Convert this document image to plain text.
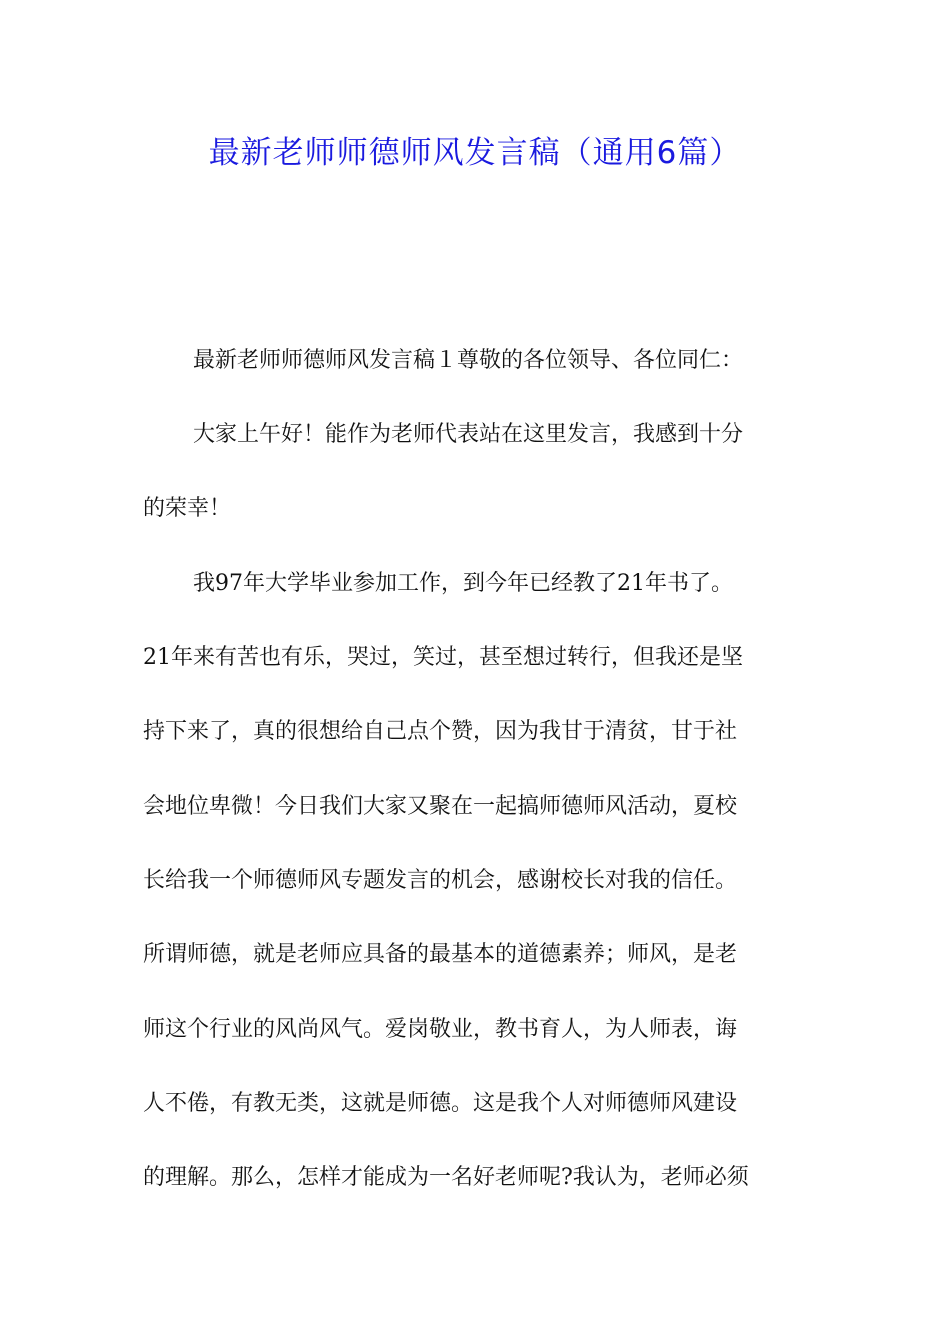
最新老师师德师风发言稿（通用6篇）
最新老师师德师风发言稿１尊敬的各位领导、各位同仁：
大家上午好！能作为老师代表站在这里发言，我感到十分
的荣幸！
我97年大学毕业参加工作，到今年已经教了21年书了。
21年来有苦也有乐，哭过，笑过，甚至想过转行，但我还是坚
持下来了，真的很想给自己点个赞，因为我甘于清贫，甘于社
会地位卑微！今日我们大家又聚在一起搞师德师风活动，夏校
长给我一个师德师风专题发言的机会，感谢校长对我的信任。
所谓师德，就是老师应具备的最基本的道德素养；师风，是老
师这个行业的风尚风气。爱岗敬业，教书育人，为人师表，诲
人不倦，有教无类，这就是师德。这是我个人对师德师风建设
的理解。那么，怎样才能成为一名好老师呢?我认为，老师必须
